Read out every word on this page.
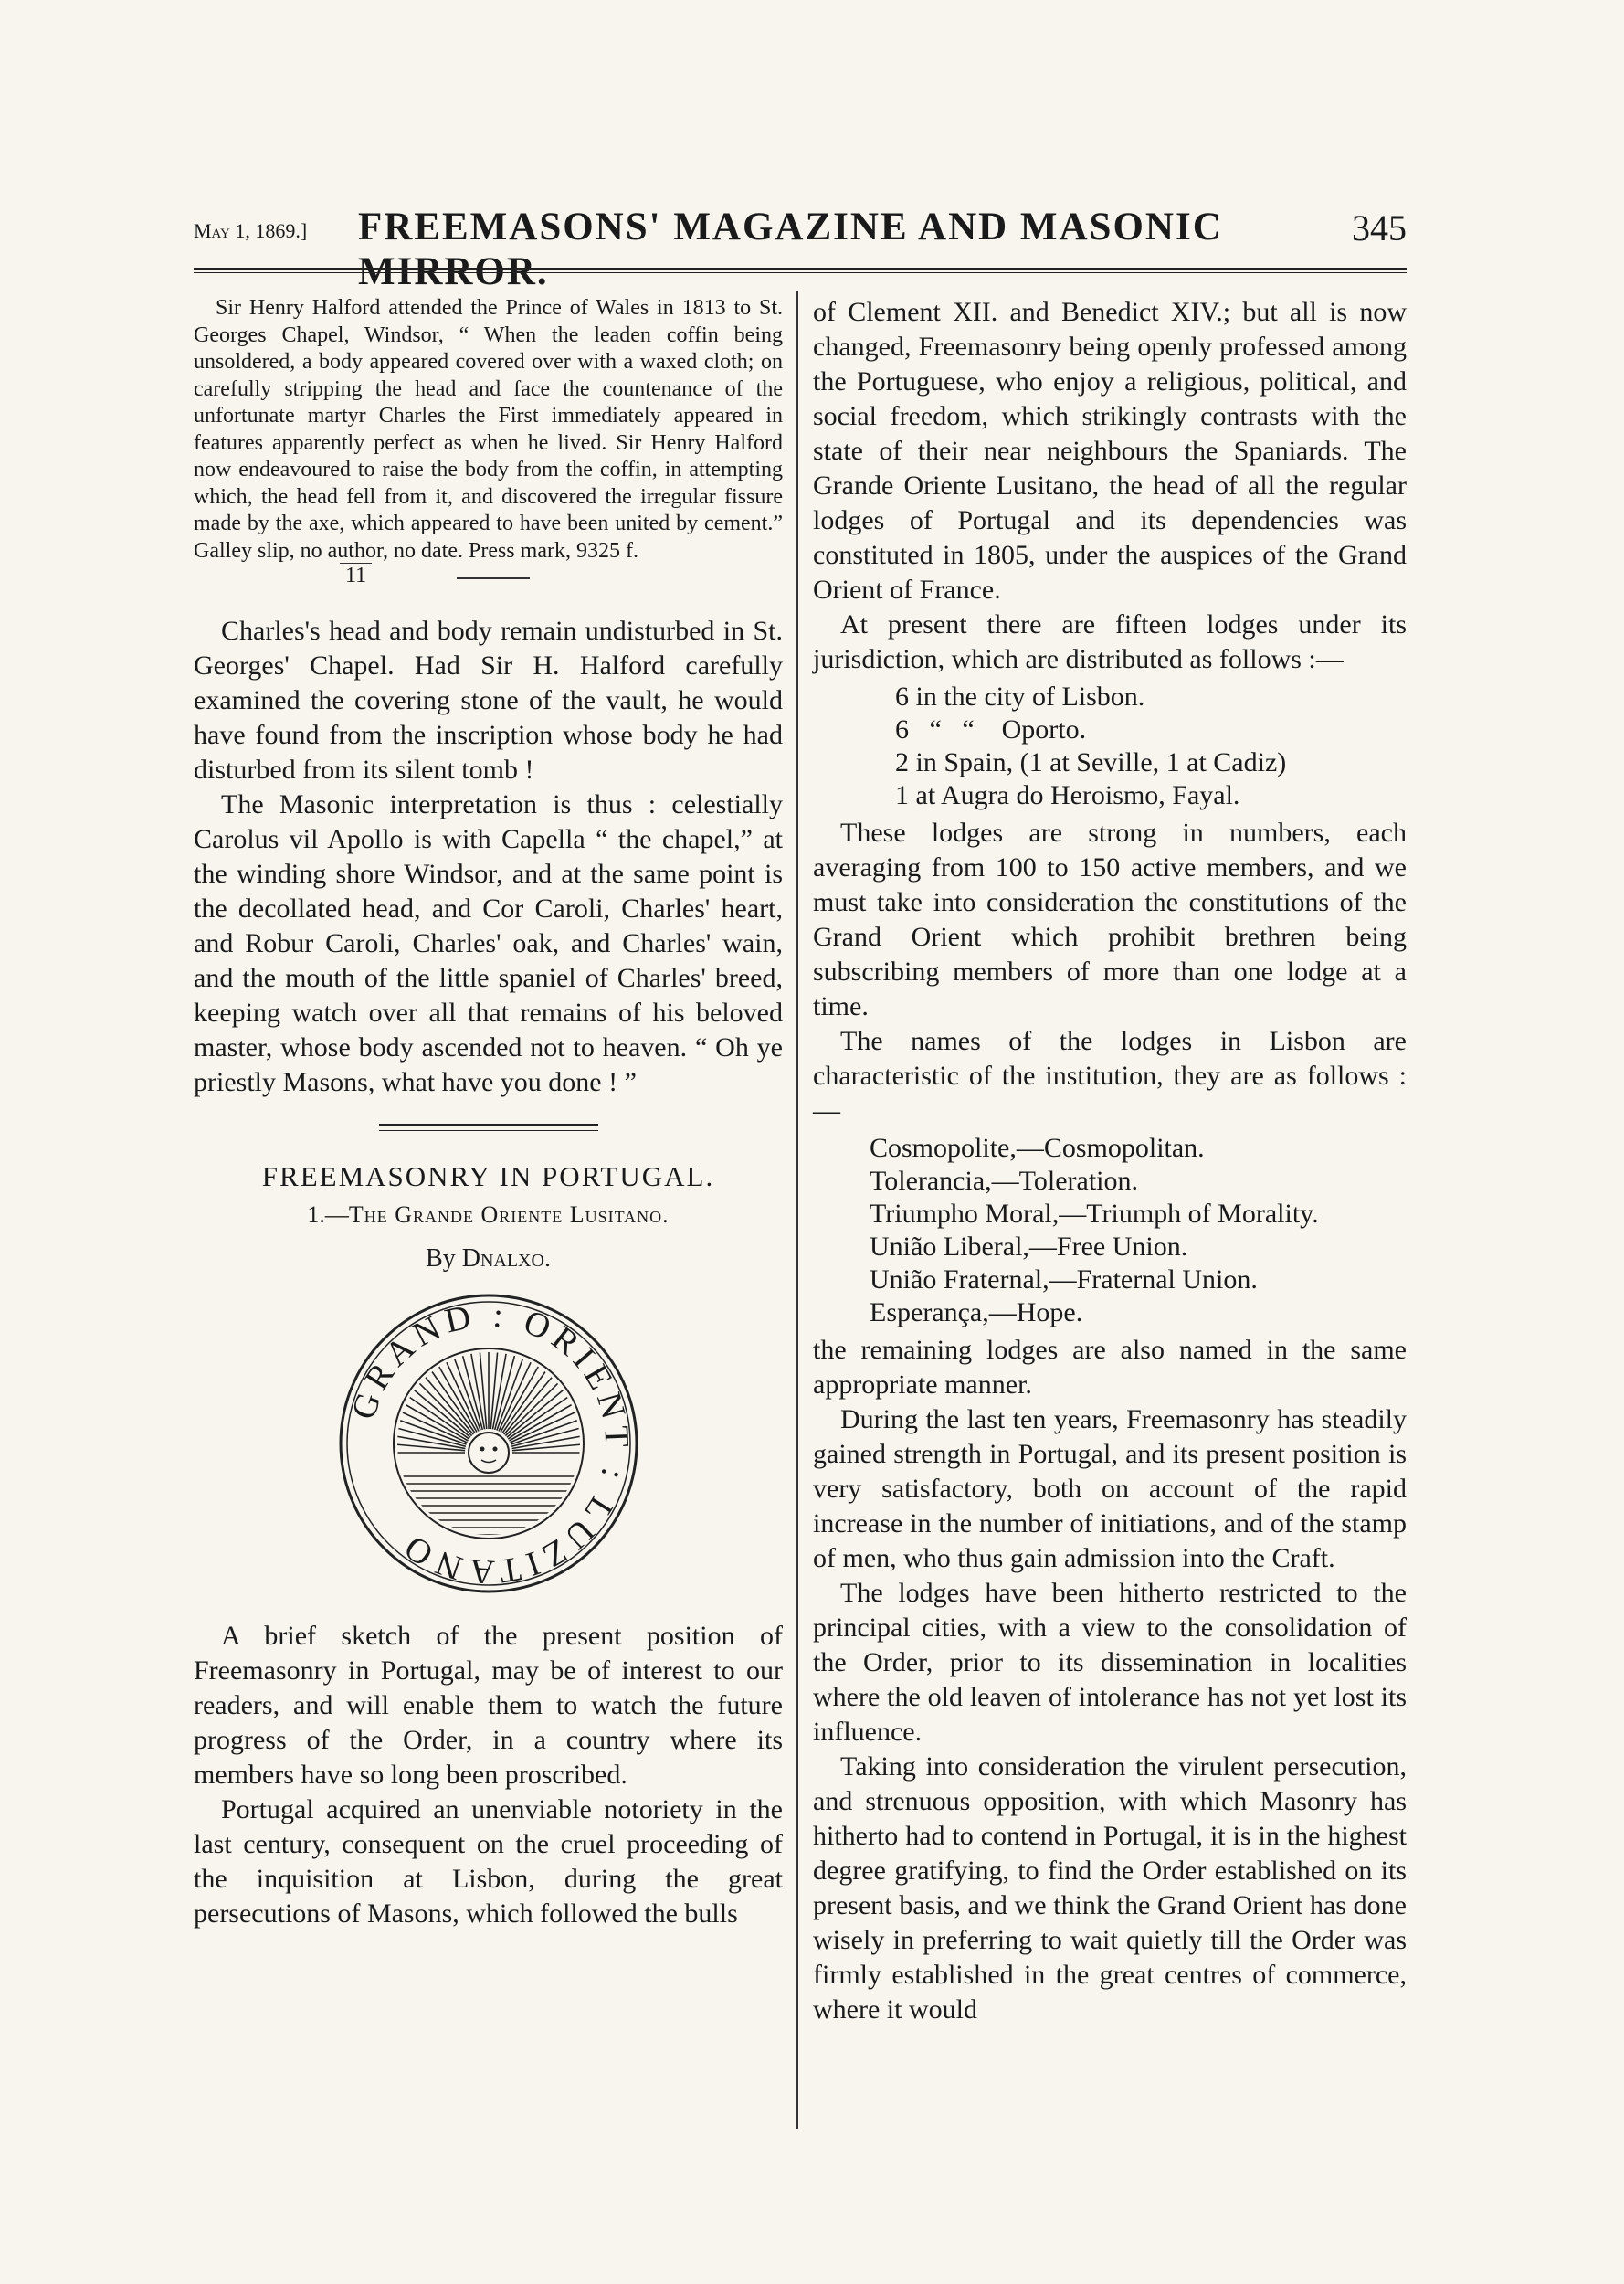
May 1, 1869.] FREEMASONS' MAGAZINE AND MASONIC MIRROR.
345

Sir Henry Halford attended the Prince of Wales in 1813 to St. Georges Chapel, Windsor, “ When the leaden coffin being unsoldered, a body appeared covered over with a waxed cloth; on carefully stripping the head and face the countenance of the unfortunate martyr Charles the First immediately appeared in features apparently perfect as when he lived. Sir Henry Halford now endeavoured to raise the body from the coffin, in attempting which, the head fell from it, and discovered the irregular fissure made by the axe, which appeared to have been united by cement.” Galley slip, no author, no date. Press mark, 9325 f.

11

Charles's head and body remain undisturbed in St. Georges' Chapel. Had Sir H. Halford carefully examined the covering stone of the vault, he would have found from the inscription whose body he had disturbed from its silent tomb !

The Masonic interpretation is thus : celestially Carolus vil Apollo is with Capella “ the chapel,” at the winding shore Windsor, and at the same point is the decollated head, and Cor Caroli, Charles' heart, and Robur Caroli, Charles' oak, and Charles' wain, and the mouth of the little spaniel of Charles' breed, keeping watch over all that remains of his beloved master, whose body ascended not to heaven. “ Oh ye priestly Masons, what have you done ! ”

FREEMASONRY IN PORTUGAL.
1.—The Grande Oriente Lusitano.
By Dnalxo.
GRAND : ORIENT : LUZITANO

A brief sketch of the present position of Freemasonry in Portugal, may be of interest to our readers, and will enable them to watch the future progress of the Order, in a country where its members have so long been proscribed.

Portugal acquired an unenviable notoriety in the last century, consequent on the cruel proceeding of the inquisition at Lisbon, during the great persecutions of Masons, which followed the bulls

of Clement XII. and Benedict XIV.; but all is now changed, Freemasonry being openly professed among the Portuguese, who enjoy a religious, political, and social freedom, which strikingly contrasts with the state of their near neighbours the Spaniards. The Grande Oriente Lusitano, the head of all the regular lodges of Portugal and its dependencies was constituted in 1805, under the auspices of the Grand Orient of France.

At present there are fifteen lodges under its jurisdiction, which are distributed as follows :—

6 in the city of Lisbon.
6   “   “    Oporto.
2 in Spain, (1 at Seville, 1 at Cadiz)
1 at Augra do Heroismo, Fayal.

These lodges are strong in numbers, each averaging from 100 to 150 active members, and we must take into consideration the constitutions of the Grand Orient which prohibit brethren being subscribing members of more than one lodge at a time.

The names of the lodges in Lisbon are characteristic of the institution, they are as follows :—

Cosmopolite,—Cosmopolitan.
Tolerancia,—Toleration.
Triumpho Moral,—Triumph of Morality.
União Liberal,—Free Union.
União Fraternal,—Fraternal Union.
Esperança,—Hope.

the remaining lodges are also named in the same appropriate manner.

During the last ten years, Freemasonry has steadily gained strength in Portugal, and its present position is very satisfactory, both on account of the rapid increase in the number of initiations, and of the stamp of men, who thus gain admission into the Craft.

The lodges have been hitherto restricted to the principal cities, with a view to the consolidation of the Order, prior to its dissemination in localities where the old leaven of intolerance has not yet lost its influence.

Taking into consideration the virulent persecution, and strenuous opposition, with which Masonry has hitherto had to contend in Portugal, it is in the highest degree gratifying, to find the Order established on its present basis, and we think the Grand Orient has done wisely in preferring to wait quietly till the Order was firmly established in the great centres of commerce, where it would
